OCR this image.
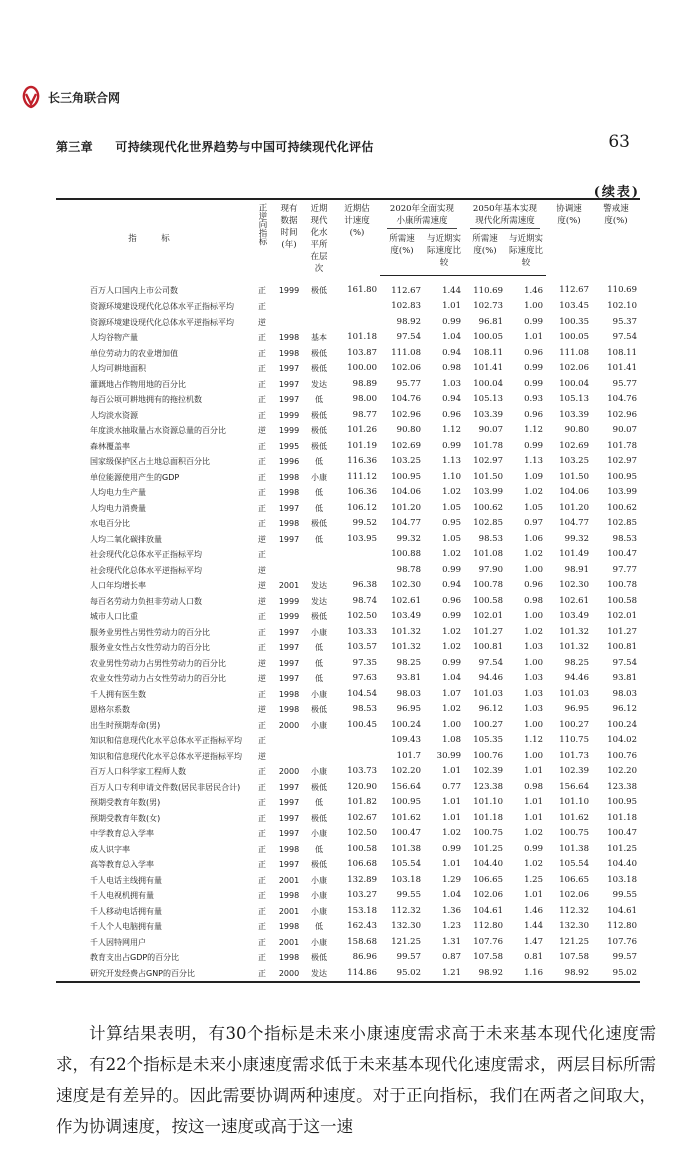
长三角联合网
第三章 可持续现代化世界趋势与中国可持续现代化评估	63
(续表)
指　标	正逆向指标	现有数据时间(年)	近期现代化水平所在层次	近期估计速度(%)	2020年全面实现小康所需速度		2050年基本实现现代化所需速度		协调速度(%)	警戒速度(%)

					所需速度(%)	与近期实际速度比较	所需速度(%)	与近期实际速度比较		

百万人口国内上市公司数	正	1999	极低	161.80	112.67	1.44	110.69	1.46	112.67	110.69
资源环境建设现代化总体水平正指标平均	正				102.83	1.01	102.73	1.00	103.45	102.10
资源环境建设现代化总体水平逆指标平均	逆				98.92	0.99	96.81	0.99	100.35	95.37
人均谷物产量	正	1998	基本	101.18	97.54	1.04	100.05	1.01	100.05	97.54
单位劳动力的农业增加值	正	1998	极低	103.87	111.08	0.94	108.11	0.96	111.08	108.11
人均可耕地面积	正	1997	极低	100.00	102.06	0.98	101.41	0.99	102.06	101.41
灌溉地占作物用地的百分比	正	1997	发达	98.89	95.77	1.03	100.04	0.99	100.04	95.77
每百公顷可耕地拥有的拖拉机数	正	1997	低	98.00	104.76	0.94	105.13	0.93	105.13	104.76
人均淡水资源	正	1999	极低	98.77	102.96	0.96	103.39	0.96	103.39	102.96
年度淡水抽取量占水资源总量的百分比	逆	1999	极低	101.26	90.80	1.12	90.07	1.12	90.80	90.07
森林覆盖率	正	1995	极低	101.19	102.69	0.99	101.78	0.99	102.69	101.78
国家级保护区占土地总面积百分比	正	1996	低	116.36	103.25	1.13	102.97	1.13	103.25	102.97
单位能源使用产生的GDP	正	1998	小康	111.12	100.95	1.10	101.50	1.09	101.50	100.95
人均电力生产量	正	1998	低	106.36	104.06	1.02	103.99	1.02	104.06	103.99
人均电力消费量	正	1997	低	106.12	101.20	1.05	100.62	1.05	101.20	100.62
水电百分比	正	1998	极低	99.52	104.77	0.95	102.85	0.97	104.77	102.85
人均二氧化碳排放量	逆	1997	低	103.95	99.32	1.05	98.53	1.06	99.32	98.53
社会现代化总体水平正指标平均	正				100.88	1.02	101.08	1.02	101.49	100.47
社会现代化总体水平逆指标平均	逆				98.78	0.99	97.90	1.00	98.91	97.77
人口年均增长率	逆	2001	发达	96.38	102.30	0.94	100.78	0.96	102.30	100.78
每百名劳动力负担非劳动人口数	逆	1999	发达	98.74	102.61	0.96	100.58	0.98	102.61	100.58
城市人口比重	正	1999	极低	102.50	103.49	0.99	102.01	1.00	103.49	102.01
服务业男性占男性劳动力的百分比	正	1997	小康	103.33	101.32	1.02	101.27	1.02	101.32	101.27
服务业女性占女性劳动力的百分比	正	1997	低	103.57	101.32	1.02	100.81	1.03	101.32	100.81
农业男性劳动力占男性劳动力的百分比	逆	1997	低	97.35	98.25	0.99	97.54	1.00	98.25	97.54
农业女性劳动力占女性劳动力的百分比	逆	1997	低	97.63	93.81	1.04	94.46	1.03	94.46	93.81
千人拥有医生数	正	1998	小康	104.54	98.03	1.07	101.03	1.03	101.03	98.03
恩格尔系数	逆	1998	极低	98.53	96.95	1.02	96.12	1.03	96.95	96.12
出生时预期寿命(男)	正	2000	小康	100.45	100.24	1.00	100.27	1.00	100.27	100.24
知识和信息现代化水平总体水平正指标平均	正				109.43	1.08	105.35	1.12	110.75	104.02
知识和信息现代化水平总体水平逆指标平均	逆				101.7	30.99	100.76	1.00	101.73	100.76
百万人口科学家工程师人数	正	2000	小康	103.73	102.20	1.01	102.39	1.01	102.39	102.20
百万人口专利申请文件数(居民非居民合计)	正	1997	极低	120.90	156.64	0.77	123.38	0.98	156.64	123.38
预期受教育年数(男)	正	1997	低	101.82	100.95	1.01	101.10	1.01	101.10	100.95
预期受教育年数(女)	正	1997	极低	102.67	101.62	1.01	101.18	1.01	101.62	101.18
中学教育总入学率	正	1997	小康	102.50	100.47	1.02	100.75	1.02	100.75	100.47
成人识字率	正	1998	低	100.58	101.38	0.99	101.25	0.99	101.38	101.25
高等教育总入学率	正	1997	极低	106.68	105.54	1.01	104.40	1.02	105.54	104.40
千人电话主线拥有量	正	2001	小康	132.89	103.18	1.29	106.65	1.25	106.65	103.18
千人电视机拥有量	正	1998	小康	103.27	99.55	1.04	102.06	1.01	102.06	99.55
千人移动电话拥有量	正	2001	小康	153.18	112.32	1.36	104.61	1.46	112.32	104.61
千人个人电脑拥有量	正	1998	低	162.43	132.30	1.23	112.80	1.44	132.30	112.80
千人因特网用户	正	2001	小康	158.68	121.25	1.31	107.76	1.47	121.25	107.76
教育支出占GDP的百分比	正	1998	极低	86.96	99.57	0.87	107.58	0.81	107.58	99.57
研究开发经费占GNP的百分比	正	2000	发达	114.86	95.02	1.21	98.92	1.16	98.92	95.02

计算结果表明，有30个指标是未来小康速度需求高于未来基本现代化速度需求，有22个指标是未来小康速度需求低于未来基本现代化速度需求，两层目标所需速度是有差异的。因此需要协调两种速度。对于正向指标，我们在两者之间取大，作为协调速度，按这一速度或高于这一速
